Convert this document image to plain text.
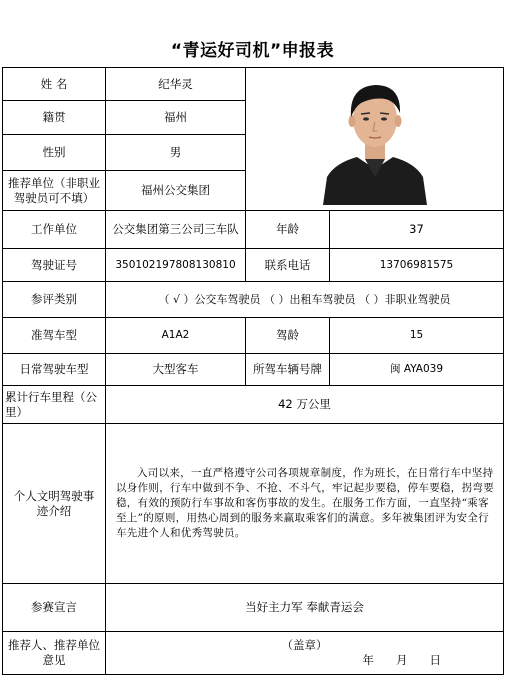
“青运好司机”申报表
姓 名	纪华灵	

籍贯	福州		
性别	男		
推荐单位（非职业驾驶员可不填）	福州公交集团		
工作单位	公交集团第三公司三车队	年龄	37
驾驶证号	350102197808130810	联系电话	13706981575
参评类别	（ √ ）公交车驾驶员 （ ）出租车驾驶员 （ ）非职业驾驶员		
准驾车型	A1A2	驾龄	15
日常驾驶车型	大型客车	所驾车辆号牌	闽 AYA039
累计行车里程（公里）	42 万公里		
个人文明驾驶事迹介绍	入司以来，一直严格遵守公司各项规章制度，作为班长，在日常行车中坚持以身作则，行车中做到不争、不抢、不斗气，牢记起步要稳，停车要稳，拐弯要稳，有效的预防行车事故和客伤事故的发生。在服务工作方面，一直坚持“乘客至上”的原则，用热心周到的服务来赢取乘客们的满意。多年被集团评为安全行车先进个人和优秀驾驶员。		

参赛宣言	当好主力军 奉献青运会		
推荐人、推荐单位意见	（盖章）
年 月 日		
